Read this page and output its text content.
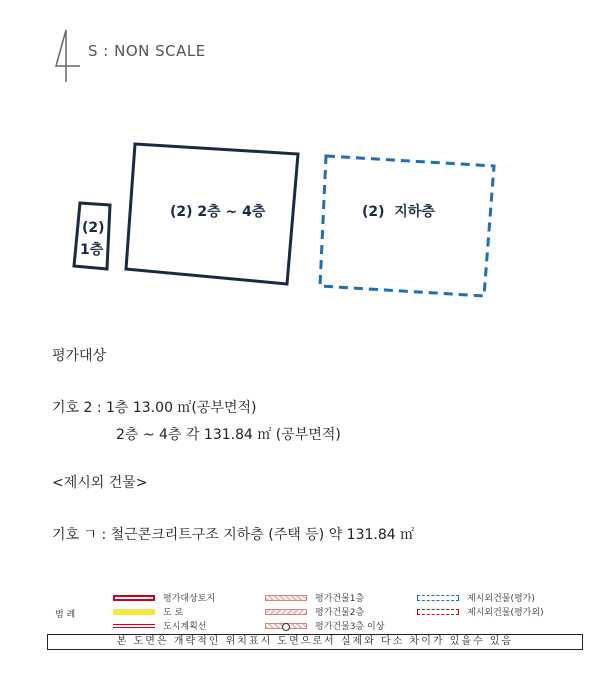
S : NON SCALE
(2)
1층
(2) 2층 ~ 4층	(2)  지하층
평가대상
기호 2 : 1층 13.00 ㎡(공부면적)
2층 ~ 4층 각 131.84 ㎡ (공부면적)
<제시외 건물>
기호 ㄱ : 철근콘크리트구조 지하층 (주택 등) 약 131.84 ㎡
범 례
평가대상토지
도 로
도시계획선
평가건물1층
평가건물2층
평가건물3층 이상
제시외건물(평가)
제시외건물(평가외)
본 도면은 개략적인 위치표시 도면으로서 실제와 다소 차이가 있을수 있음
